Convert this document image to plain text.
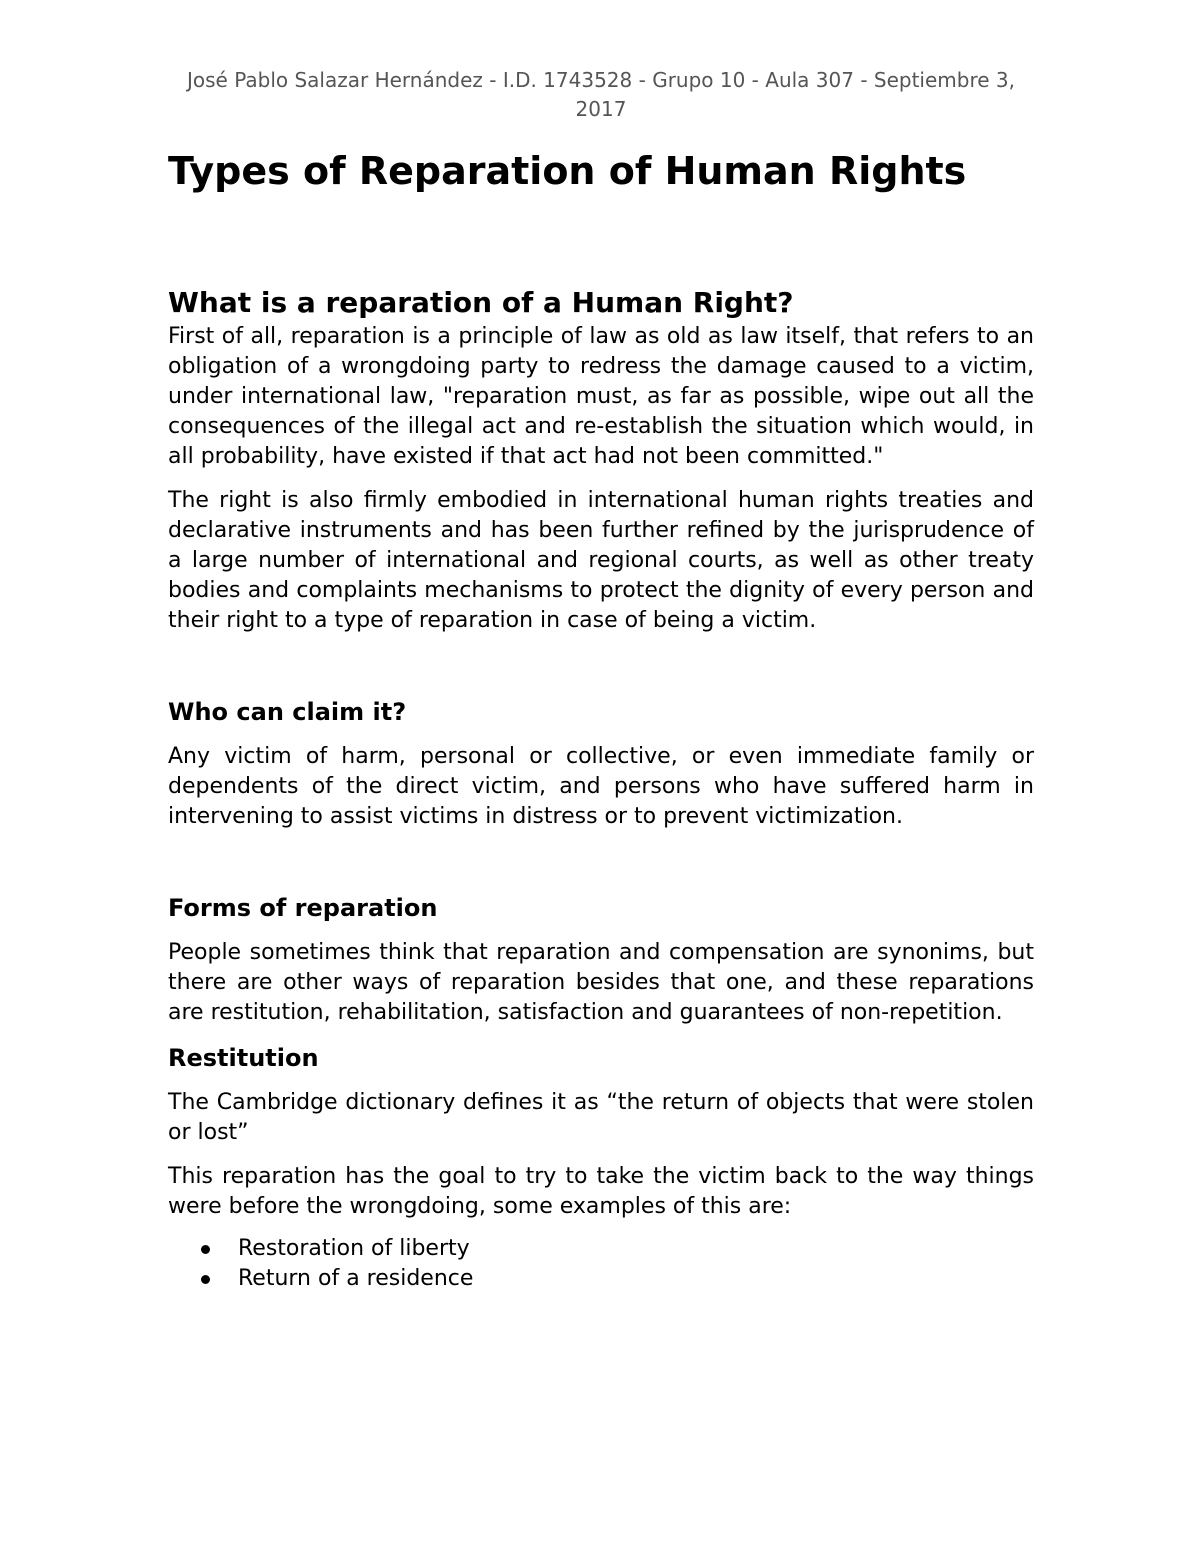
José Pablo Salazar Hernández - I.D. 1743528 - Grupo 10 - Aula 307 - Septiembre 3, 2017

Types of Reparation of Human Rights
What is a reparation of a Human Right?

First of all, reparation is a principle of law as old as law itself, that refers to an obligation of a wrongdoing party to redress the damage caused to a victim, under international law, "reparation must, as far as possible, wipe out all the consequences of the illegal act and re-establish the situation which would, in all probability, have existed if that act had not been committed."

The right is also firmly embodied in international human rights treaties and declarative instruments and has been further refined by the jurisprudence of a large number of international and regional courts, as well as other treaty bodies and complaints mechanisms to protect the dignity of every person and their right to a type of reparation in case of being a victim.

Who can claim it?

Any victim of harm, personal or collective, or even immediate family or dependents of the direct victim, and persons who have suffered harm in intervening to assist victims in distress or to prevent victimization.

Forms of reparation

People sometimes think that reparation and compensation are synonims, but there are other ways of reparation besides that one, and these reparations are restitution, rehabilitation, satisfaction and guarantees of non-repetition.

Restitution

The Cambridge dictionary defines it as “the return of objects that were stolen or lost”

This reparation has the goal to try to take the victim back to the way things were before the wrongdoing, some examples of this are:

Restoration of liberty
Return of a residence
